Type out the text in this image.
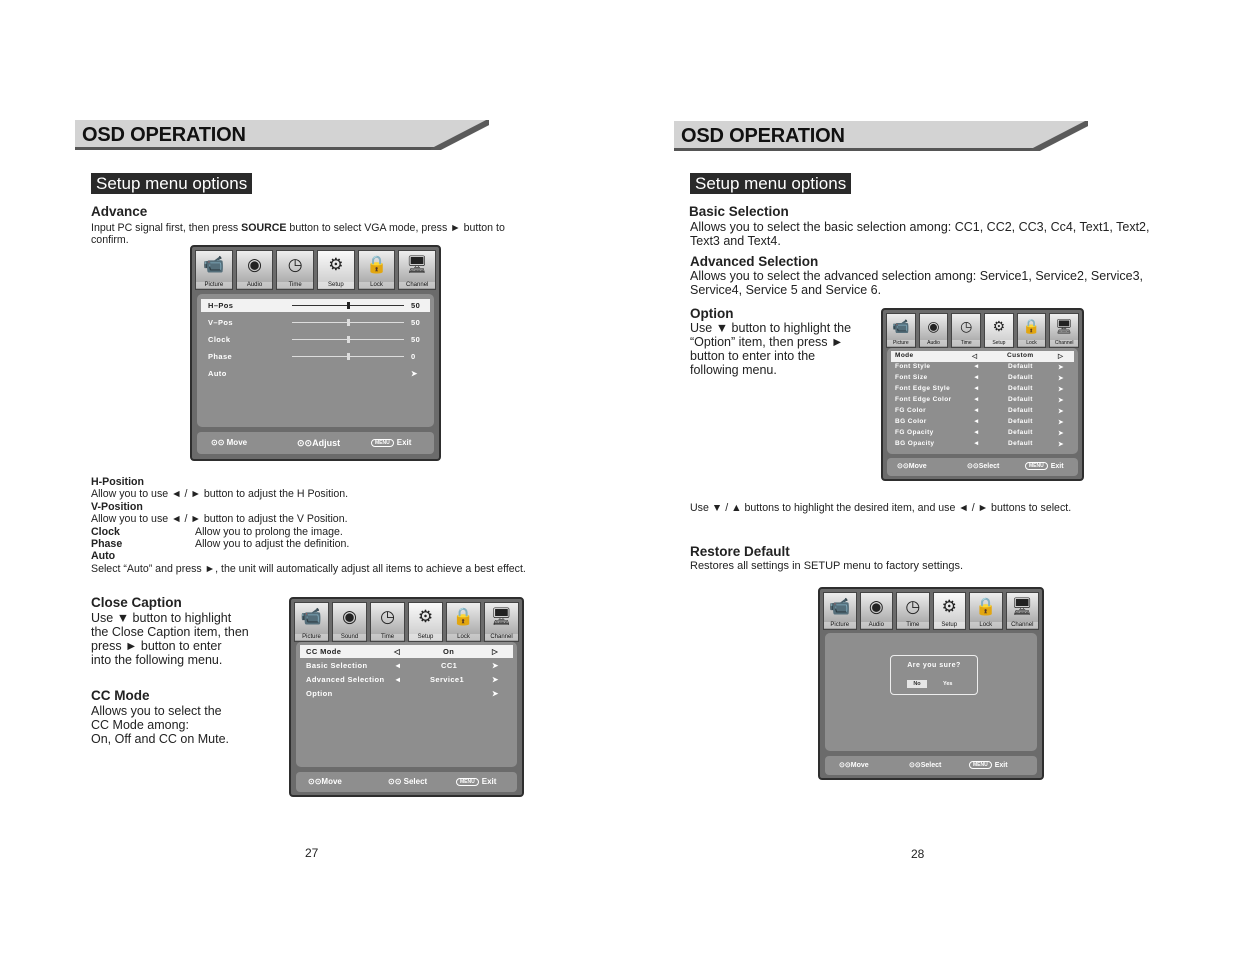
OSD OPERATION
Setup menu options
Advance
Input PC signal first, then press SOURCE button to select VGA mode, press ► button to
confirm.
📹
Picture
◉
Audio
◷
Time
⚙
Setup
🔒
Lock
🖥
Channel
H–Pos	50
V–Pos	50
Clock	50
Phase	0
Auto	➤
⊙⊙ Move	⊙⊙Adjust	MENU Exit
H-Position
Allow you to use ◄ / ► button to adjust the H Position.
V-Position
Allow you to use ◄ / ► button to adjust the V Position.
Clock	Allow you to prolong the image.
Phase	Allow you to adjust the definition.
Auto
Select “Auto” and press ►, the unit will automatically adjust all items to achieve a best effect.
Close Caption
Use ▼ button to highlight
the Close Caption item, then
press ► button to enter
into the following menu.
CC Mode
Allows you to select the
CC Mode among:
On, Off and CC on Mute.
📹
Picture
◉
Sound
◷
Time
⚙
Setup
🔒
Lock
🖥
Channel
CC Mode	◁	On	▷
Basic Selection	◄	CC1	➤
Advanced Selection ◄	Service1	➤
Option	➤
⊙⊙Move	⊙⊙ Select	MENU Exit
27
OSD OPERATION
Setup menu options
Basic Selection
Allows you to select the basic selection among: CC1, CC2, CC3, Cc4, Text1, Text2,
Text3 and Text4.
Advanced Selection
Allows you to select the advanced selection among: Service1, Service2, Service3,
Service4, Service 5 and Service 6.
Option
Use ▼ button to highlight the
“Option” item, then press ►
button to enter into the
following menu.
📹
Picture
◉
Audio
◷
Time
⚙
Setup
🔒
Lock
🖥
Channel
Mode	◁	Custom	▷
Font Style	◄	Default	➤
Font Size	◄	Default	➤
Font Edge Style	◄	Default	➤
Font Edge Color	◄	Default	➤
FG Color	◄	Default	➤
BG Color	◄	Default	➤
FG Opacity	◄	Default	➤
BG Opacity	◄	Default	➤
⊙⊙Move	⊙⊙Select	MENU Exit
Use ▼ / ▲ buttons to highlight the desired item, and use ◄ / ► buttons to select.
Restore Default
Restores all settings in SETUP menu to factory settings.
📹
Picture
◉
Audio
◷
Time
⚙
Setup
🔒
Lock
🖥
Channel
Are you sure?
No	Yes
⊙⊙Move	⊙⊙Select	MENU Exit
28
